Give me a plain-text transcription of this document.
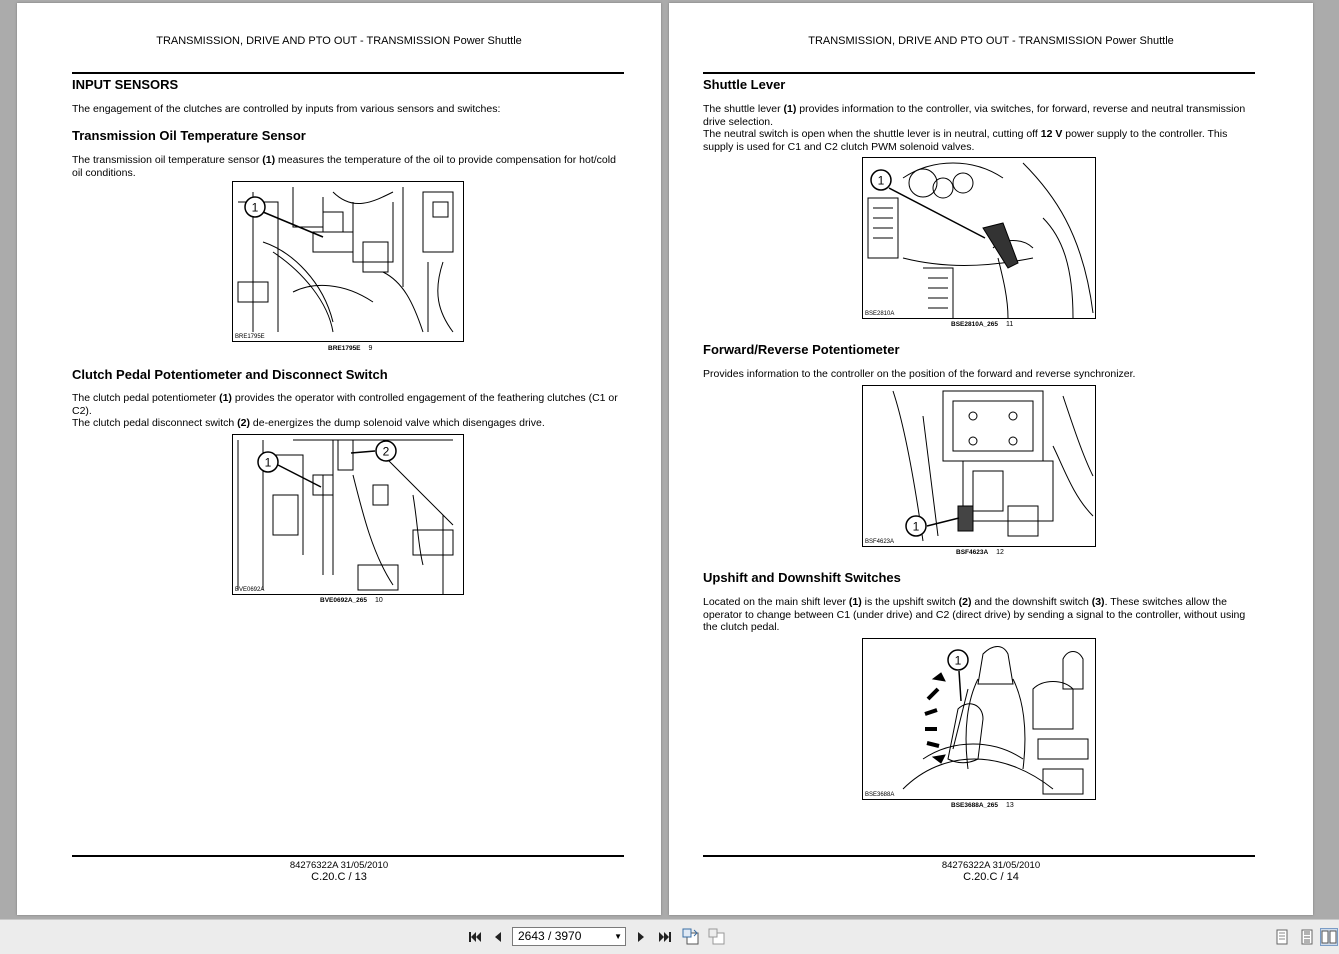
TRANSMISSION, DRIVE AND PTO OUT - TRANSMISSION Power Shuttle
INPUT SENSORS
The engagement of the clutches are controlled by inputs from various sensors and switches:
Transmission Oil Temperature Sensor
The transmission oil temperature sensor (1) measures the temperature of the oil to provide compensation for hot/cold oil conditions.
1
BRE1795E
BRE1795E 9
Clutch Pedal Potentiometer and Disconnect Switch
The clutch pedal potentiometer (1) provides the operator with controlled engagement of the feathering clutches (C1 or C2).
The clutch pedal disconnect switch (2) de-energizes the dump solenoid valve which disengages drive.
1
2
BVE0692A
BVE0692A_265 10
84276322A 31/05/2010
C.20.C / 13
TRANSMISSION, DRIVE AND PTO OUT - TRANSMISSION Power Shuttle
Shuttle Lever
The shuttle lever (1) provides information to the controller, via switches, for forward, reverse and neutral transmission drive selection.
The neutral switch is open when the shuttle lever is in neutral, cutting off 12 V power supply to the controller. This supply is used for C1 and C2 clutch PWM solenoid valves.
1
BSE2810A
BSE2810A_265 11
Forward/Reverse Potentiometer
Provides information to the controller on the position of the forward and reverse synchronizer.
1
BSF4623A
BSF4623A 12
Upshift and Downshift Switches
Located on the main shift lever (1) is the upshift switch (2) and the downshift switch (3). These switches allow the operator to change between C1 (under drive) and C2 (direct drive) by sending a signal to the controller, without using the clutch pedal.
1
BSE3688A
BSE3688A_265 13
84276322A 31/05/2010
C.20.C / 14
2643 / 3970	▼
